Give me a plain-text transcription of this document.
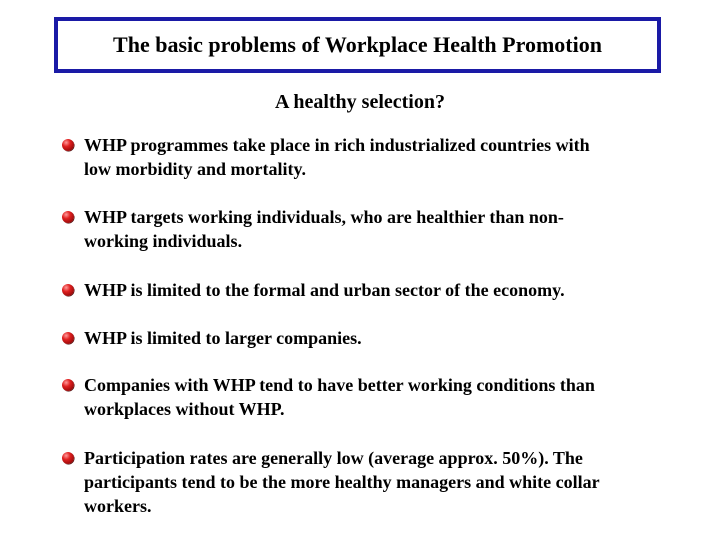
The basic problems of Workplace Health Promotion
A healthy selection?
WHP programmes take place in rich industrialized countries with
low morbidity and mortality.
WHP targets working individuals, who are healthier than non-
working individuals.
WHP is limited to the formal and urban sector of the economy.
WHP is limited to larger companies.
Companies with WHP tend to have better working conditions than
workplaces without WHP.
Participation rates are generally low (average approx. 50%). The
participants tend to be the more healthy managers and white collar
workers.
